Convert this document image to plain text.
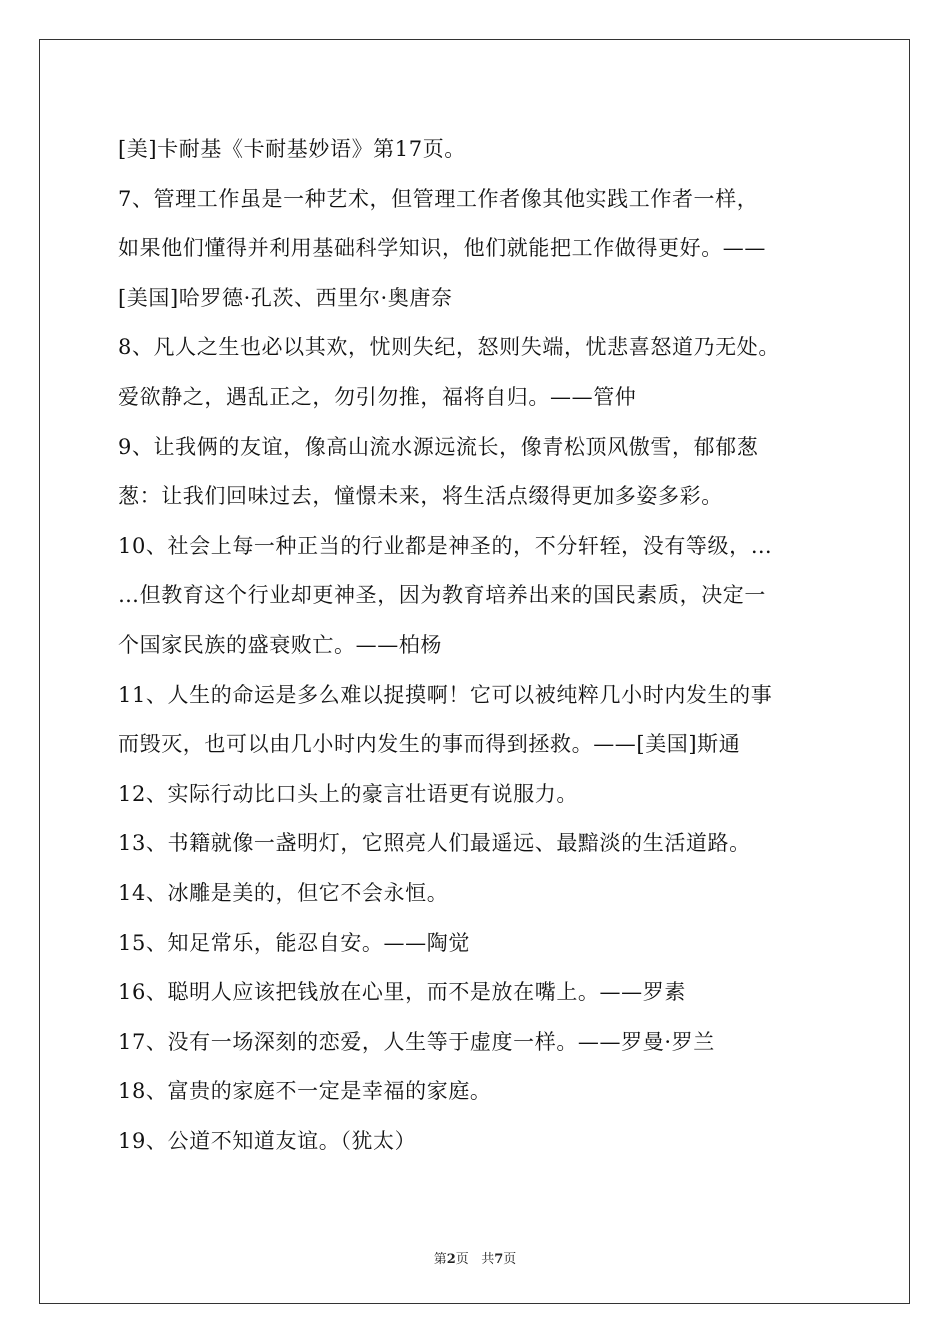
[美]卡耐基《卡耐基妙语》第17页。
7、管理工作虽是一种艺术，但管理工作者像其他实践工作者一样，
如果他们懂得并利用基础科学知识，他们就能把工作做得更好。——
[美国]哈罗德·孔茨、西里尔·奥唐奈
8、凡人之生也必以其欢，忧则失纪，怒则失端，忧悲喜怒道乃无处。
爱欲静之，遇乱正之，勿引勿推，福将自归。——管仲
9、让我俩的友谊，像高山流水源远流长，像青松顶风傲雪，郁郁葱
葱：让我们回味过去，憧憬未来，将生活点缀得更加多姿多彩。
10、社会上每一种正当的行业都是神圣的，不分轩轾，没有等级，…
…但教育这个行业却更神圣，因为教育培养出来的国民素质，决定一
个国家民族的盛衰败亡。——柏杨
11、人生的命运是多么难以捉摸啊！它可以被纯粹几小时内发生的事
而毁灭，也可以由几小时内发生的事而得到拯救。——[美国]斯通
12、实际行动比口头上的豪言壮语更有说服力。
13、书籍就像一盏明灯，它照亮人们最遥远、最黯淡的生活道路。
14、冰雕是美的，但它不会永恒。
15、知足常乐，能忍自安。——陶觉
16、聪明人应该把钱放在心里，而不是放在嘴上。——罗素
17、没有一场深刻的恋爱，人生等于虚度一样。——罗曼·罗兰
18、富贵的家庭不一定是幸福的家庭。
19、公道不知道友谊。（犹太）
第2页 共7页
